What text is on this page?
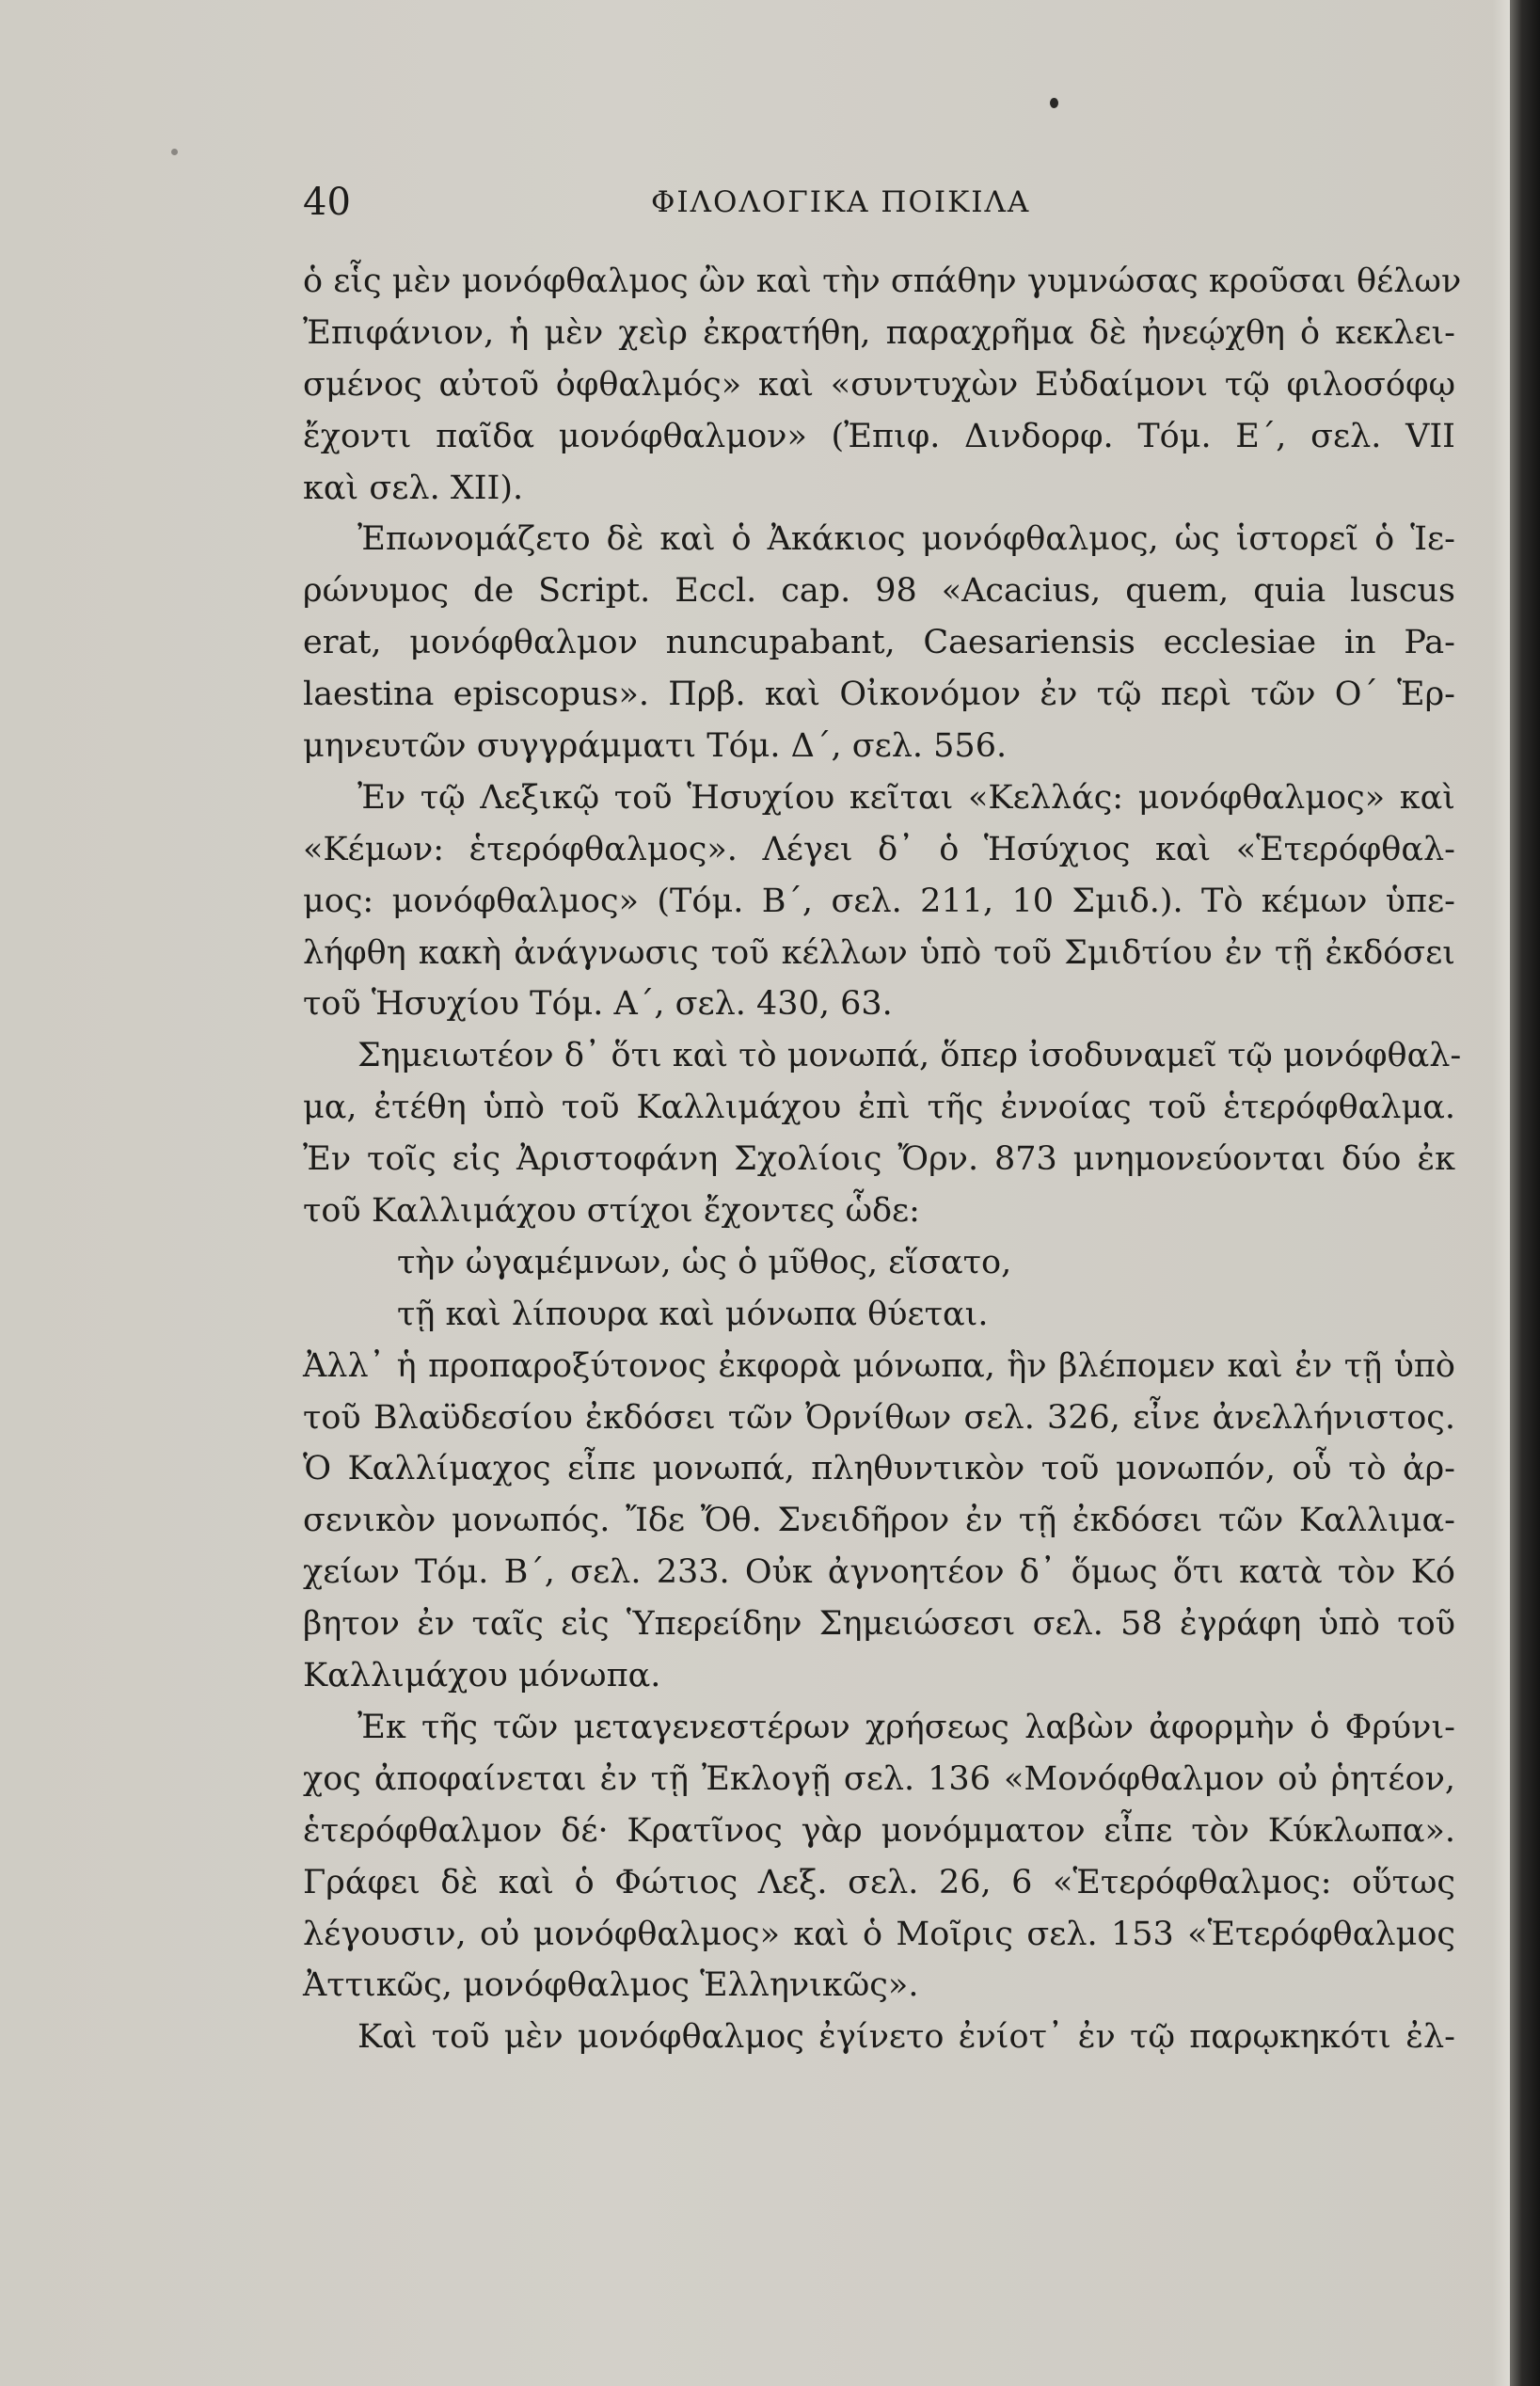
40	ΦΙΛΟΛΟΓΙΚΑ ΠΟΙΚΙΛΑ
ὁ εἷς μὲν μονόφθαλμος ὢν καὶ τὴν σπάθην γυμνώσας κροῦσαι θέλων
Ἐπιφάνιον, ἡ μὲν χεὶρ ἐκρατήθη, παραχρῆμα δὲ ἠνεῴχθη ὁ κεκλει-
σμένος αὐτοῦ ὀφθαλμός» καὶ «συντυχὼν Εὐδαίμονι τῷ φιλοσόφῳ
ἔχοντι παῖδα μονόφθαλμον» (Ἐπιφ. Δινδορφ. Τόμ. Ε΄, σελ. VII
καὶ σελ. XII).
Ἐπωνομάζετο δὲ καὶ ὁ Ἀκάκιος μονόφθαλμος, ὡς ἱστορεῖ ὁ Ἱε-
ρώνυμος de Script. Eccl. cap. 98 «Acacius, quem, quia luscus
erat, μονόφθαλμον nuncupabant, Caesariensis ecclesiae in Pa-
laestina episcopus». Πρβ. καὶ Οἰκονόμον ἐν τῷ περὶ τῶν Ο΄ Ἑρ-
μηνευτῶν συγγράμματι Τόμ. Δ΄, σελ. 556.
Ἐν τῷ Λεξικῷ τοῦ Ἡσυχίου κεῖται «Κελλάς: μονόφθαλμος» καὶ
«Κέμων: ἑτερόφθαλμος». Λέγει δ᾽ ὁ Ἡσύχιος καὶ «Ἑτερόφθαλ-
μος: μονόφθαλμος» (Τόμ. Β΄, σελ. 211, 10 Σμιδ.). Τὸ κέμων ὑπε-
λήφθη κακὴ ἀνάγνωσις τοῦ κέλλων ὑπὸ τοῦ Σμιδτίου ἐν τῇ ἐκδόσει
τοῦ Ἡσυχίου Τόμ. Α΄, σελ. 430, 63.
Σημειωτέον δ᾽ ὅτι καὶ τὸ μονωπά, ὅπερ ἰσοδυναμεῖ τῷ μονόφθαλ-
μα, ἐτέθη ὑπὸ τοῦ Καλλιμάχου ἐπὶ τῆς ἐννοίας τοῦ ἑτερόφθαλμα.
Ἐν τοῖς εἰς Ἀριστοφάνη Σχολίοις Ὄρν. 873 μνημονεύονται δύο ἐκ
τοῦ Καλλιμάχου στίχοι ἔχοντες ὧδε:
τὴν ὠγαμέμνων, ὡς ὁ μῦθος, εἵσατο,
τῇ καὶ λίπουρα καὶ μόνωπα θύεται.
Ἀλλ᾽ ἡ προπαροξύτονος ἐκφορὰ μόνωπα, ἣν βλέπομεν καὶ ἐν τῇ ὑπὸ
τοῦ Βλαϋδεσίου ἐκδόσει τῶν Ὀρνίθων σελ. 326, εἶνε ἀνελλήνιστος.
Ὁ Καλλίμαχος εἶπε μονωπά, πληθυντικὸν τοῦ μονωπόν, οὗ τὸ ἀρ-
σενικὸν μονωπός. Ἴδε Ὄθ. Σνειδῆρον ἐν τῇ ἐκδόσει τῶν Καλλιμα-
χείων Τόμ. Β΄, σελ. 233. Οὐκ ἀγνοητέον δ᾽ ὅμως ὅτι κατὰ τὸν Κό
βητον ἐν ταῖς εἰς Ὑπερείδην Σημειώσεσι σελ. 58 ἐγράφη ὑπὸ τοῦ
Καλλιμάχου μόνωπα.
Ἐκ τῆς τῶν μεταγενεστέρων χρήσεως λαβὼν ἀφορμὴν ὁ Φρύνι-
χος ἀποφαίνεται ἐν τῇ Ἐκλογῇ σελ. 136 «Μονόφθαλμον οὐ ῥητέον,
ἑτερόφθαλμον δέ· Κρατῖνος γὰρ μονόμματον εἶπε τὸν Κύκλωπα».
Γράφει δὲ καὶ ὁ Φώτιος Λεξ. σελ. 26, 6 «Ἑτερόφθαλμος: οὕτως
λέγουσιν, οὐ μονόφθαλμος» καὶ ὁ Μοῖρις σελ. 153 «Ἑτερόφθαλμος
Ἀττικῶς, μονόφθαλμος Ἑλληνικῶς».
Καὶ τοῦ μὲν μονόφθαλμος ἐγίνετο ἐνίοτ᾽ ἐν τῷ παρῳκηκότι ἐλ-
